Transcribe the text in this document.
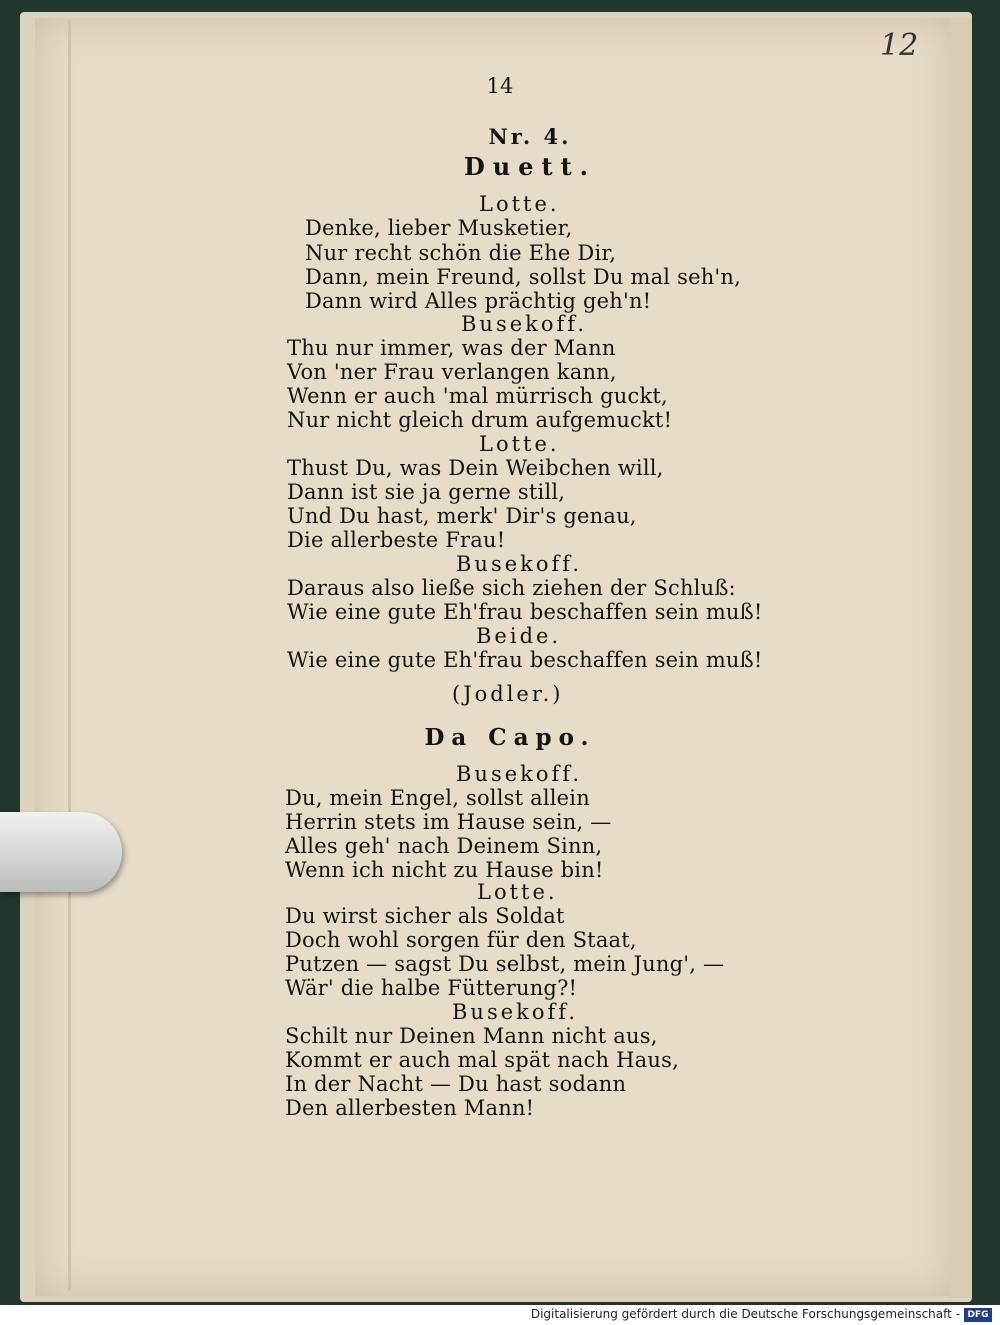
12
14
Nr. 4.
Duett.
Lotte.
Denke, lieber Musketier,
Nur recht schön die Ehe Dir,
Dann, mein Freund, sollst Du mal seh'n,
Dann wird Alles prächtig geh'n!
Busekoff.
Thu nur immer, was der Mann
Von 'ner Frau verlangen kann,
Wenn er auch 'mal mürrisch guckt,
Nur nicht gleich drum aufgemuckt!
Lotte.
Thust Du, was Dein Weibchen will,
Dann ist sie ja gerne still,
Und Du hast, merk' Dir's genau,
Die allerbeste Frau!
Busekoff.
Daraus also ließe sich ziehen der Schluß:
Wie eine gute Eh'frau beschaffen sein muß!
Beide.
Wie eine gute Eh'frau beschaffen sein muß!
(Jodler.)
Da Capo.
Busekoff.
Du, mein Engel, sollst allein
Herrin stets im Hause sein, —
Alles geh' nach Deinem Sinn,
Wenn ich nicht zu Hause bin!
Lotte.
Du wirst sicher als Soldat
Doch wohl sorgen für den Staat,
Putzen — sagst Du selbst, mein Jung', —
Wär' die halbe Fütterung?!
Busekoff.
Schilt nur Deinen Mann nicht aus,
Kommt er auch mal spät nach Haus,
In der Nacht — Du hast sodann
Den allerbesten Mann!
Digitalisierung gefördert durch die Deutsche Forschungsgemeinschaft - DFG
